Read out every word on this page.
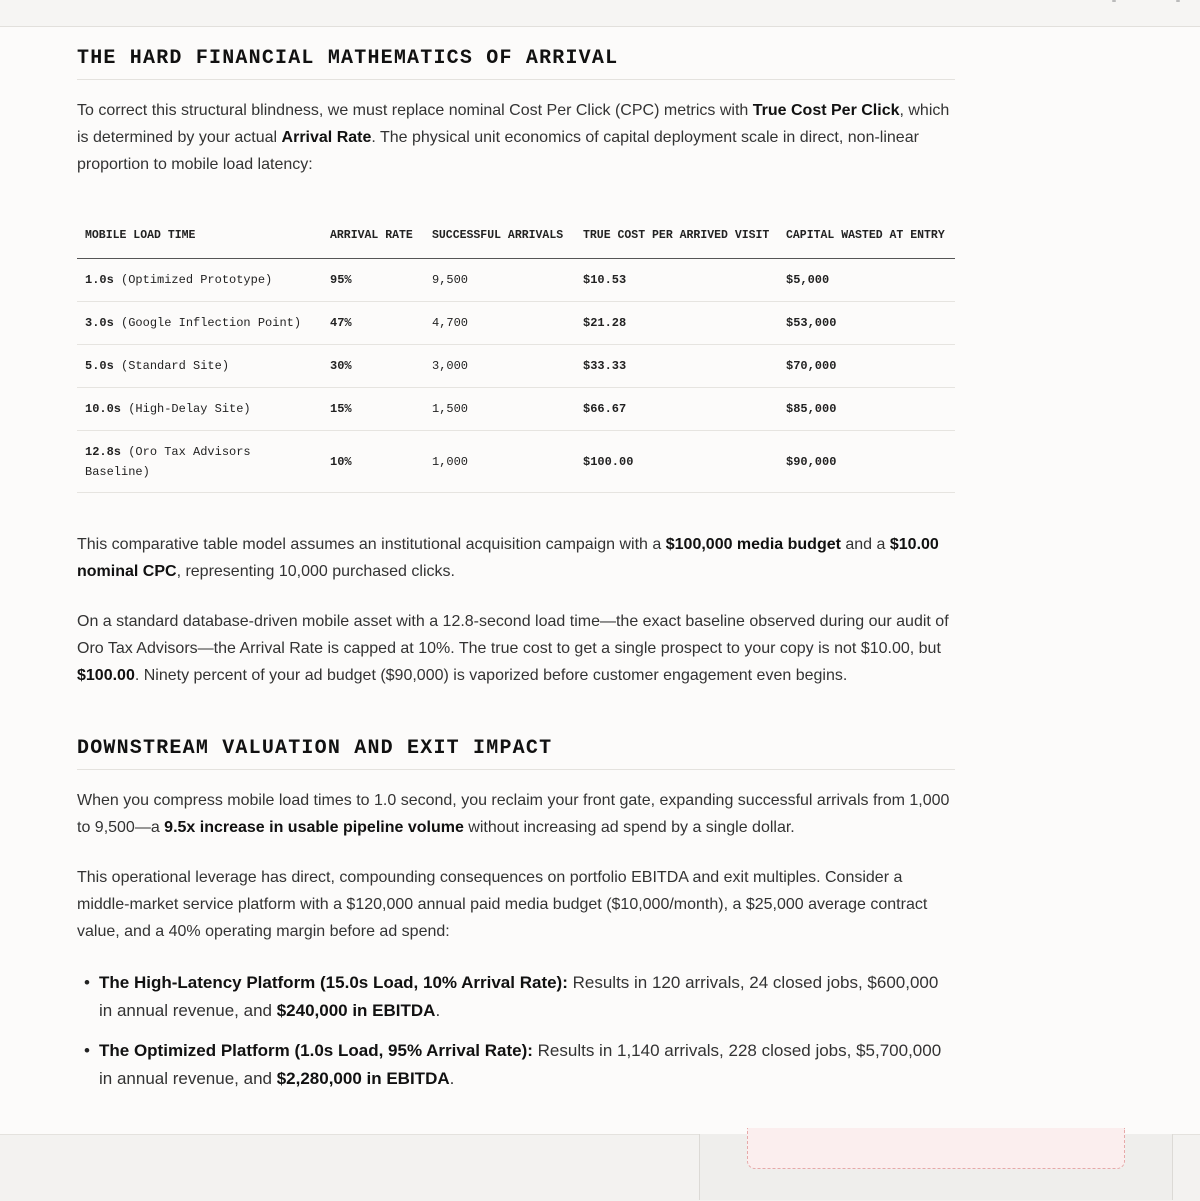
THE HARD FINANCIAL MATHEMATICS OF ARRIVAL

To correct this structural blindness, we must replace nominal Cost Per Click (CPC) metrics with True Cost Per Click, which is determined by your actual Arrival Rate. The physical unit economics of capital deployment scale in direct, non-linear proportion to mobile load latency:

MOBILE LOAD TIME	ARRIVAL RATE	SUCCESSFUL ARRIVALS	TRUE COST PER ARRIVED VISIT	CAPITAL WASTED AT ENTRY
1.0s (Optimized Prototype)	95%	9,500	$10.53	$5,000
3.0s (Google Inflection Point)	47%	4,700	$21.28	$53,000
5.0s (Standard Site)	30%	3,000	$33.33	$70,000
10.0s (High-Delay Site)	15%	1,500	$66.67	$85,000
12.8s (Oro Tax Advisors Baseline)	10%	1,000	$100.00	$90,000

This comparative table model assumes an institutional acquisition campaign with a $100,000 media budget and a $10.00 nominal CPC, representing 10,000 purchased clicks.

On a standard database-driven mobile asset with a 12.8-second load time—the exact baseline observed during our audit of Oro Tax Advisors—the Arrival Rate is capped at 10%. The true cost to get a single prospect to your copy is not $10.00, but $100.00. Ninety percent of your ad budget ($90,000) is vaporized before customer engagement even begins.

DOWNSTREAM VALUATION AND EXIT IMPACT

When you compress mobile load times to 1.0 second, you reclaim your front gate, expanding successful arrivals from 1,000 to 9,500—a 9.5x increase in usable pipeline volume without increasing ad spend by a single dollar.

This operational leverage has direct, compounding consequences on portfolio EBITDA and exit multiples. Consider a middle-market service platform with a $120,000 annual paid media budget ($10,000/month), a $25,000 average contract value, and a 40% operating margin before ad spend:

• The High-Latency Platform (15.0s Load, 10% Arrival Rate): Results in 120 arrivals, 24 closed jobs, $600,000 in annual revenue, and $240,000 in EBITDA.
• The Optimized Platform (1.0s Load, 95% Arrival Rate): Results in 1,140 arrivals, 228 closed jobs, $5,700,000 in annual revenue, and $2,280,000 in EBITDA.
